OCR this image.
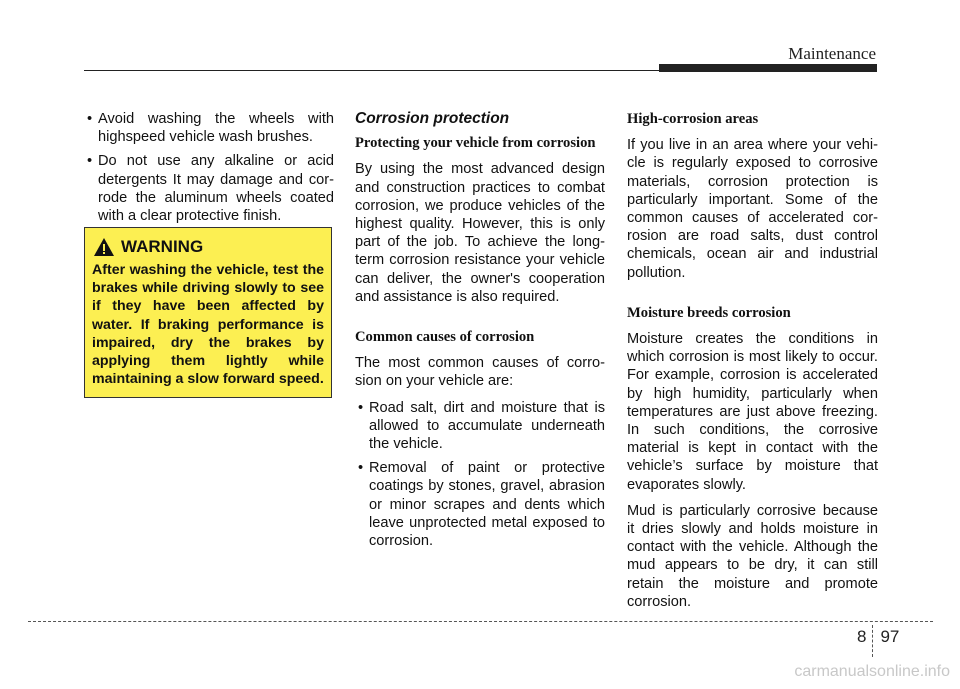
Maintenance
• Avoid washing the wheels with highspeed vehicle wash brushes.
• Do not use any alkaline or acid detergents It may damage and corrode the aluminum wheels coated with a clear protective finish.
WARNING
After washing the vehicle, test the brakes while driving slowly to see if they have been affected by water. If braking performance is impaired, dry the brakes by applying them lightly while maintaining a slow forward speed.
Corrosion protection
Protecting your vehicle from corrosion

By using the most advanced design and construction practices to combat corrosion, we produce vehicles of the highest quality. However, this is only part of the job. To achieve the long-term corrosion resistance your vehicle can deliver, the owner's cooperation and assistance is also required.

Common causes of corrosion

The most common causes of corrosion on your vehicle are:

• Road salt, dirt and moisture that is allowed to accumulate underneath the vehicle.
• Removal of paint or protective coatings by stones, gravel, abrasion or minor scrapes and dents which leave unprotected metal exposed to corrosion.
High-corrosion areas

If you live in an area where your vehicle is regularly exposed to corrosive materials, corrosion protection is particularly important. Some of the common causes of accelerated corrosion are road salts, dust control chemicals, ocean air and industrial pollution.

Moisture breeds corrosion

Moisture creates the conditions in which corrosion is most likely to occur. For example, corrosion is accelerated by high humidity, particularly when temperatures are just above freezing. In such conditions, the corrosive material is kept in contact with the vehicle’s surface by moisture that evaporates slowly.

Mud is particularly corrosive because it dries slowly and holds moisture in contact with the vehicle. Although the mud appears to be dry, it can still retain the moisture and promote corrosion.

8 97
carmanualsonline.info
